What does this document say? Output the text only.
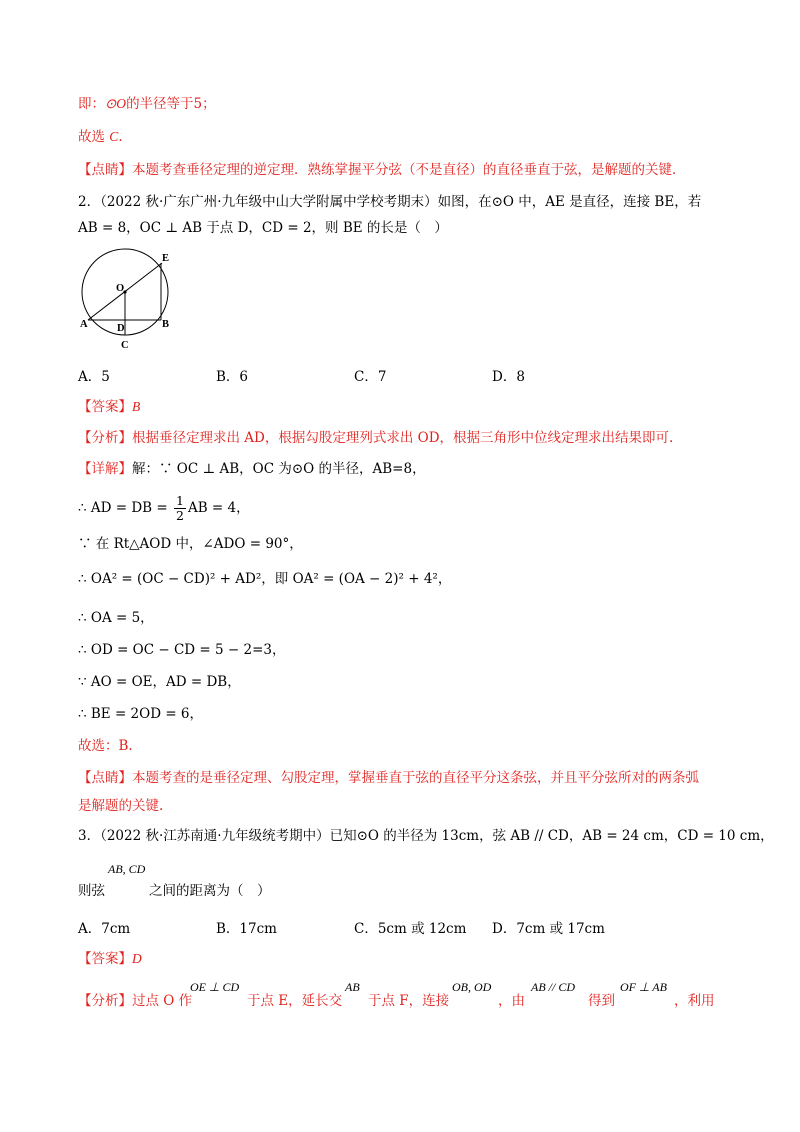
即：⊙O的半径等于5；
故选 C.
【点睛】本题考查垂径定理的逆定理．熟练掌握平分弦（不是直径）的直径垂直于弦，是解题的关键．
2．（2022 秋·广东广州·九年级中山大学附属中学校考期末）如图，在⊙O 中，AE 是直径，连接 BE，若
AB = 8，OC ⊥ AB 于点 D，CD = 2，则 BE 的长是（　）
E
O
A	D	B
C
A．5	B．6	C．7	D．8
【答案】B
【分析】根据垂径定理求出 AD，根据勾股定理列式求出 OD，根据三角形中位线定理求出结果即可.
【详解】解：∵ OC ⊥ AB，OC 为⊙O 的半径，AB=8，
∴ AD = DB = $\frac{1}{2}$ AB = 4，
∵ 在 Rt△AOD 中，∠ADO = 90°，
∴ OA² = (OC − CD)² + AD²，即 OA² = (OA − 2)² + 4²，
∴ OA = 5，
∴ OD = OC − CD = 5 − 2=3，
∵ AO = OE，AD = DB，
∴ BE = 2OD = 6，
故选：B.
【点睛】本题考查的是垂径定理、勾股定理，掌握垂直于弦的直径平分这条弦，并且平分弦所对的两条弧
是解题的关键.
3．（2022 秋·江苏南通·九年级统考期中）已知⊙O 的半径为 13cm，弦 AB // CD，AB = 24 cm，CD = 10 cm，
AB, CD
则弦	之间的距离为（　）
A．7cm	B．17cm	C．5cm 或 12cm D．7cm 或 17cm
【答案】D
OE ⊥ CD	AB	OB, OD	AB // CD	OF ⊥ AB
【分析】 过点 O 作	于点 E，延长交 于点 F，连接	，由	得到	，利用
